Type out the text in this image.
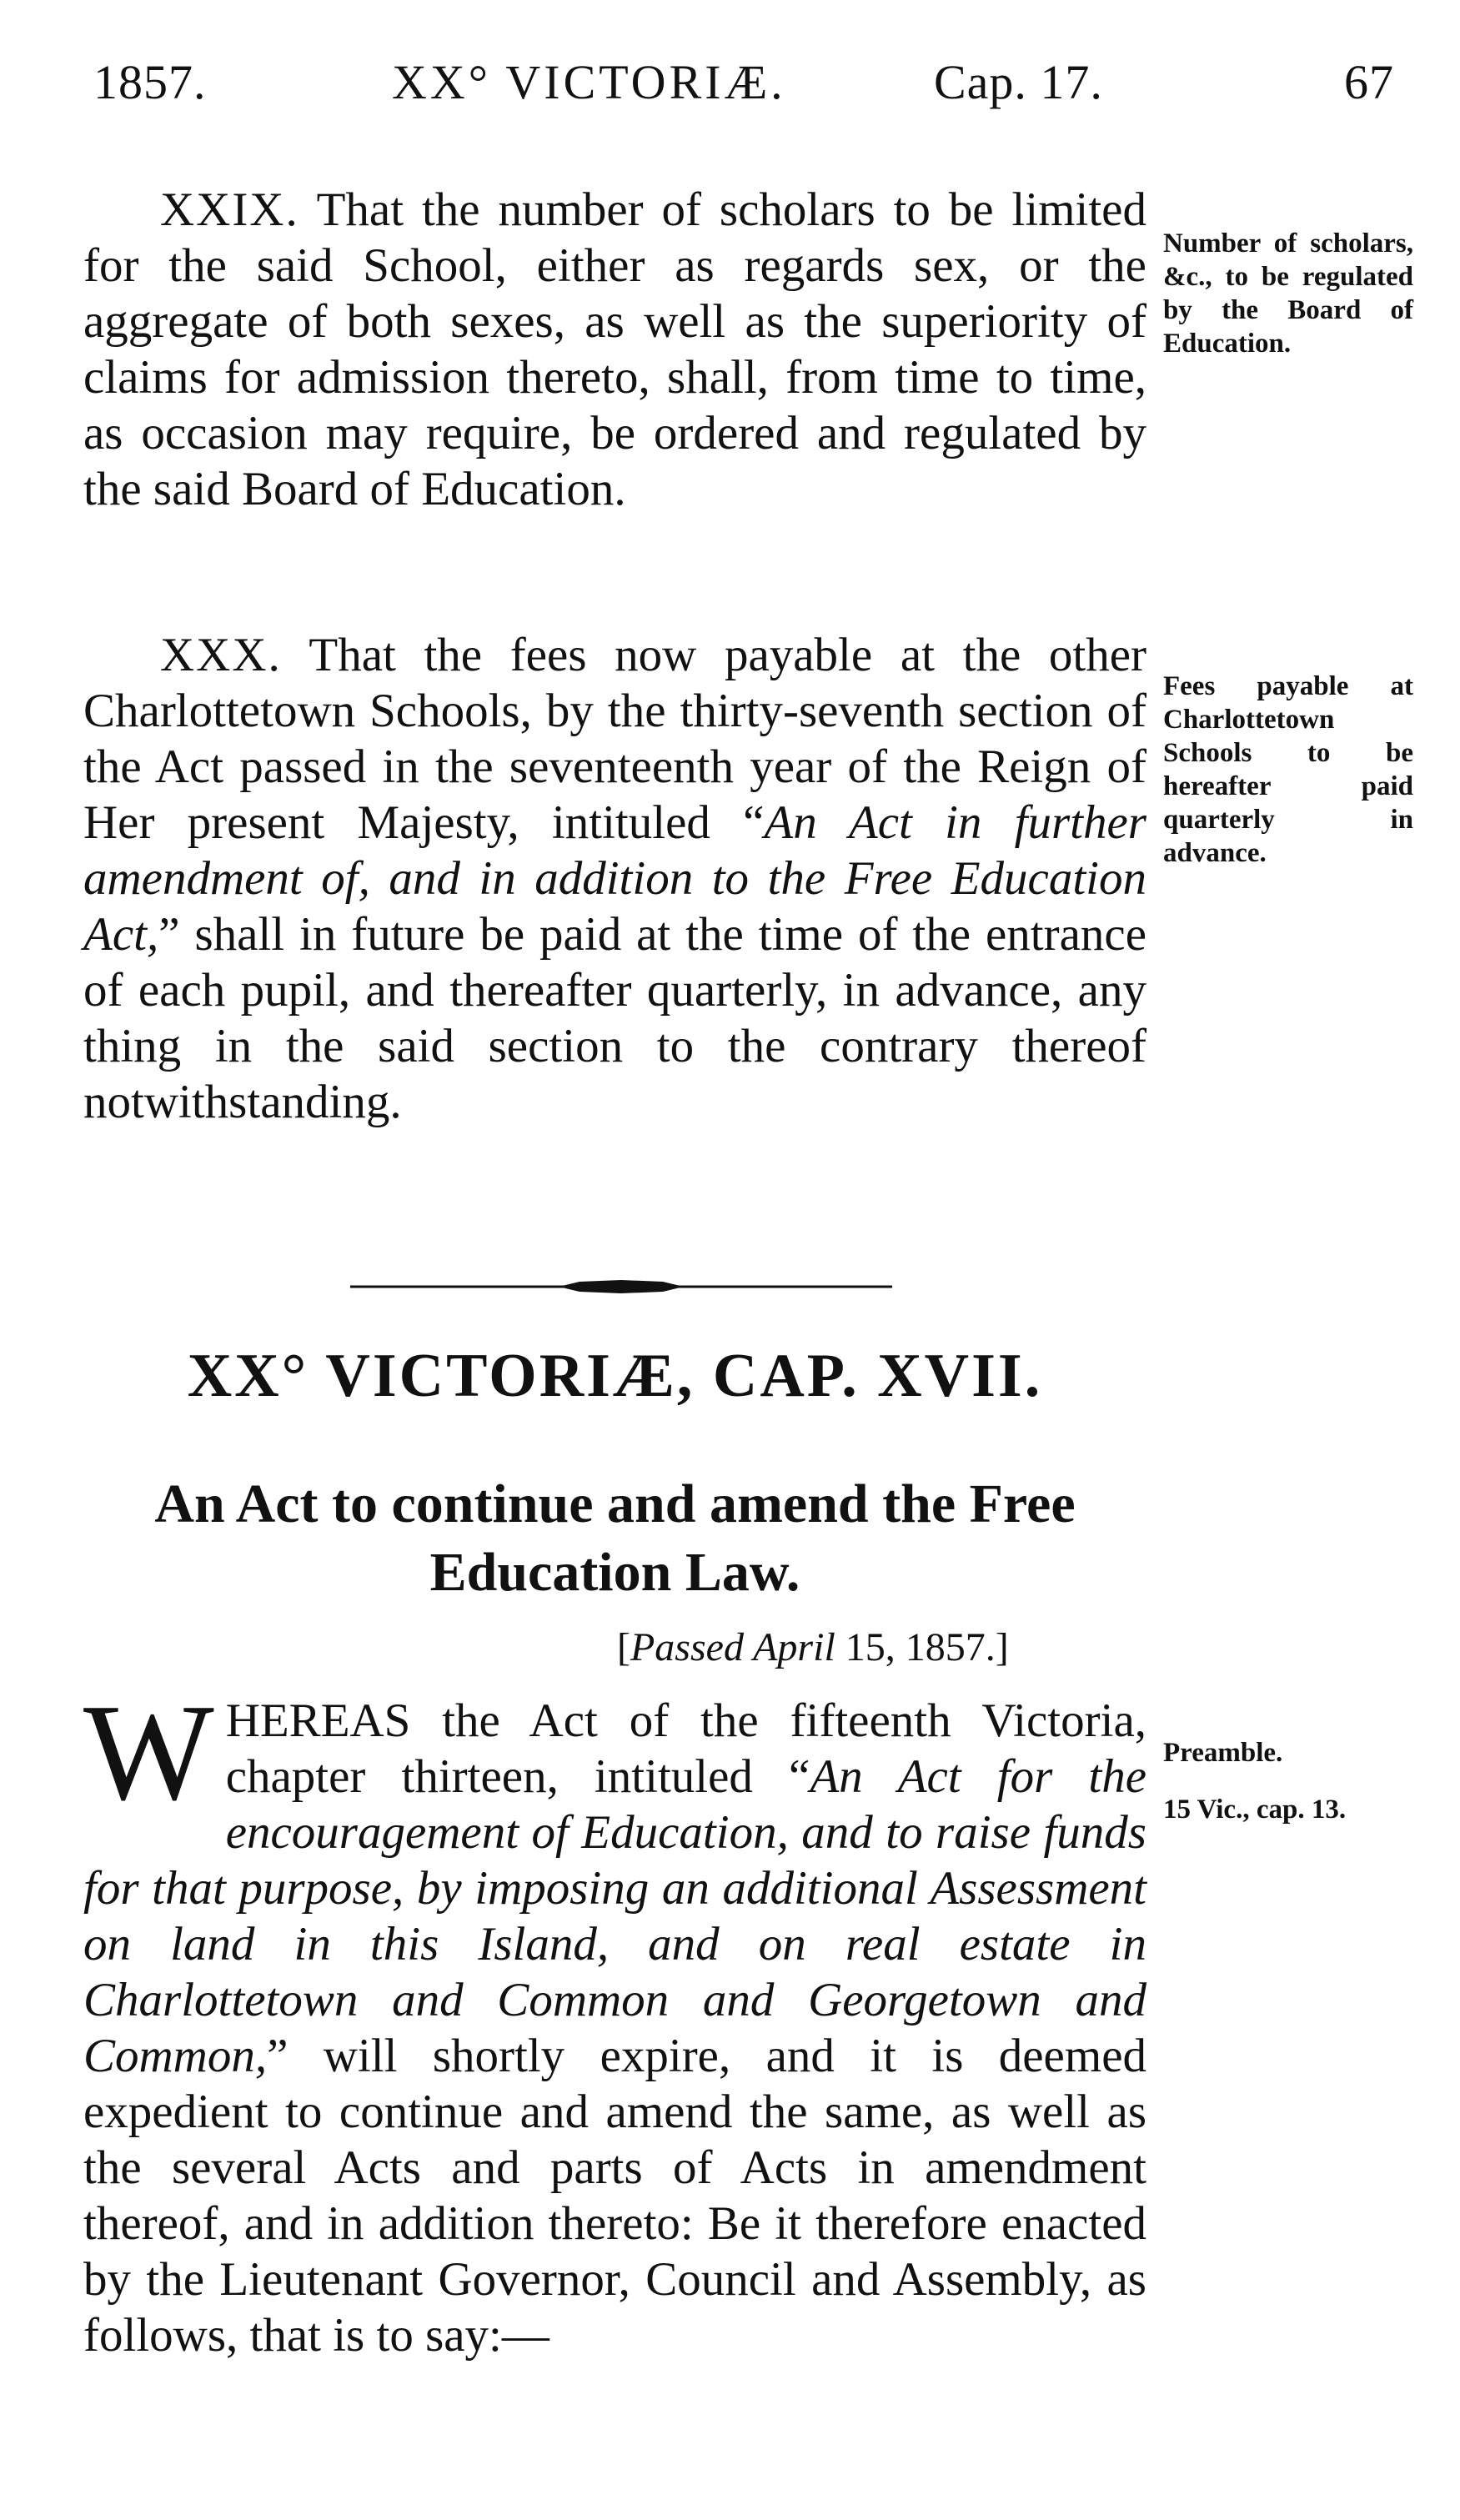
1857.	XX° VICTORIÆ.	Cap. 17.	67

XXIX. That the number of scholars to be limited for the said School, either as regards sex, or the aggregate of both sexes, as well as the superiority of claims for admission thereto, shall, from time to time, as occasion may require, be ordered and regulated by the said Board of Education.

Number of scholars, &c., to be regulated by the Board of Education.

XXX. That the fees now payable at the other Charlottetown Schools, by the thirty-seventh section of the Act passed in the seventeenth year of the Reign of Her present Majesty, intituled “An Act in further amendment of, and in addition to the Free Education Act,” shall in future be paid at the time of the entrance of each pupil, and thereafter quarterly, in advance, any thing in the said section to the contrary thereof notwithstanding.

Fees payable at Charlottetown Schools to be hereafter paid quarterly in advance.

XX° VICTORIÆ, CAP. XVII.
An Act to continue and amend the Free
Education Law.
[Passed April 15, 1857.]

WHEREAS the Act of the fifteenth Victoria, chapter thirteen, intituled “An Act for the encouragement of Education, and to raise funds for that purpose, by imposing an additional Assessment on land in this Island, and on real estate in Charlottetown and Common and Georgetown and Common,” will shortly expire, and it is deemed expedient to continue and amend the same, as well as the several Acts and parts of Acts in amendment thereof, and in addition thereto: Be it therefore enacted by the Lieutenant Governor, Council and Assembly, as follows, that is to say:—

Preamble.

15 Vic., cap. 13.
